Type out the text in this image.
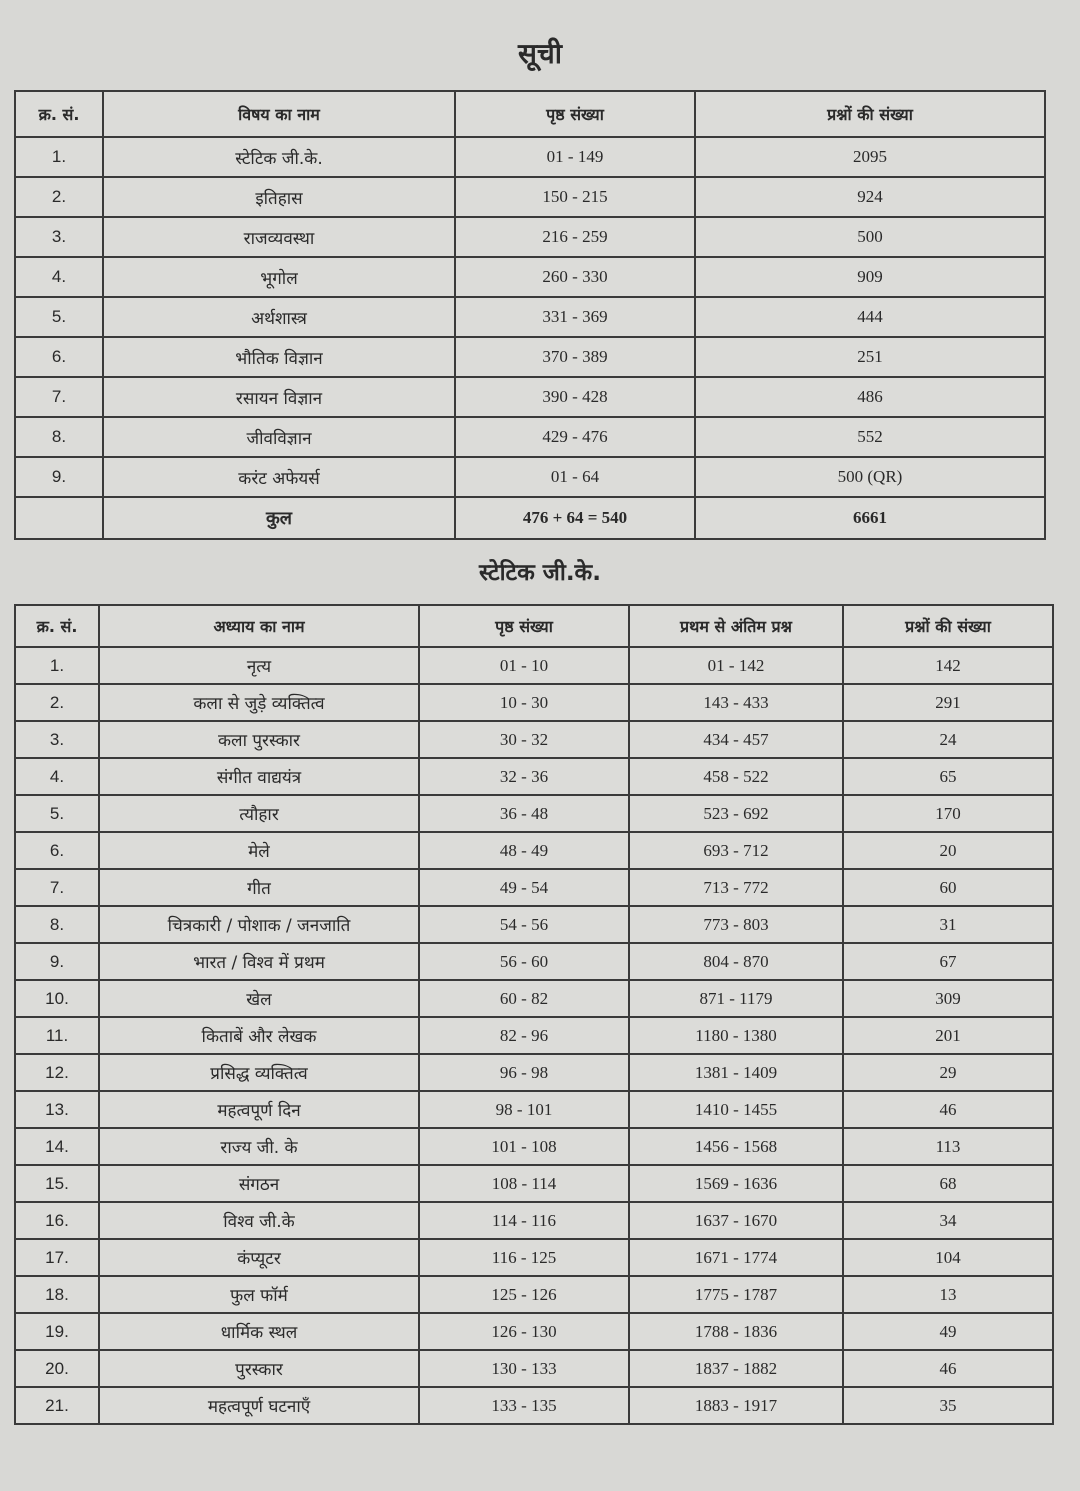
सूची
क्र. सं.	विषय का नाम	पृष्ठ संख्या	प्रश्नों की संख्या
1.	स्टेटिक जी.के.	01 - 149	2095
2.	इतिहास	150 - 215	924
3.	राजव्यवस्था	216 - 259	500
4.	भूगोल	260 - 330	909
5.	अर्थशास्त्र	331 - 369	444
6.	भौतिक विज्ञान	370 - 389	251
7.	रसायन विज्ञान	390 - 428	486
8.	जीवविज्ञान	429 - 476	552
9.	करंट अफेयर्स	01 - 64	500 (QR)
	कुल	476 + 64 = 540	6661
स्टेटिक जी.के.
क्र. सं.	अध्याय का नाम	पृष्ठ संख्या	प्रथम से अंतिम प्रश्न	प्रश्नों की संख्या
1.	नृत्य	01 - 10	01 - 142	142
2.	कला से जुड़े व्यक्तित्व	10 - 30	143 - 433	291
3.	कला पुरस्कार	30 - 32	434 - 457	24
4.	संगीत वाद्ययंत्र	32 - 36	458 - 522	65
5.	त्यौहार	36 - 48	523 - 692	170
6.	मेले	48 - 49	693 - 712	20
7.	गीत	49 - 54	713 - 772	60
8.	चित्रकारी / पोशाक / जनजाति	54 - 56	773 - 803	31
9.	भारत / विश्व में प्रथम	56 - 60	804 - 870	67
10.	खेल	60 - 82	871 - 1179	309
11.	किताबें और लेखक	82 - 96	1180 - 1380	201
12.	प्रसिद्ध व्यक्तित्व	96 - 98	1381 - 1409	29
13.	महत्वपूर्ण दिन	98 - 101	1410 - 1455	46
14.	राज्य जी. के	101 - 108	1456 - 1568	113
15.	संगठन	108 - 114	1569 - 1636	68
16.	विश्व जी.के	114 - 116	1637 - 1670	34
17.	कंप्यूटर	116 - 125	1671 - 1774	104
18.	फुल फॉर्म	125 - 126	1775 - 1787	13
19.	धार्मिक स्थल	126 - 130	1788 - 1836	49
20.	पुरस्कार	130 - 133	1837 - 1882	46
21.	महत्वपूर्ण घटनाएँ	133 - 135	1883 - 1917	35
